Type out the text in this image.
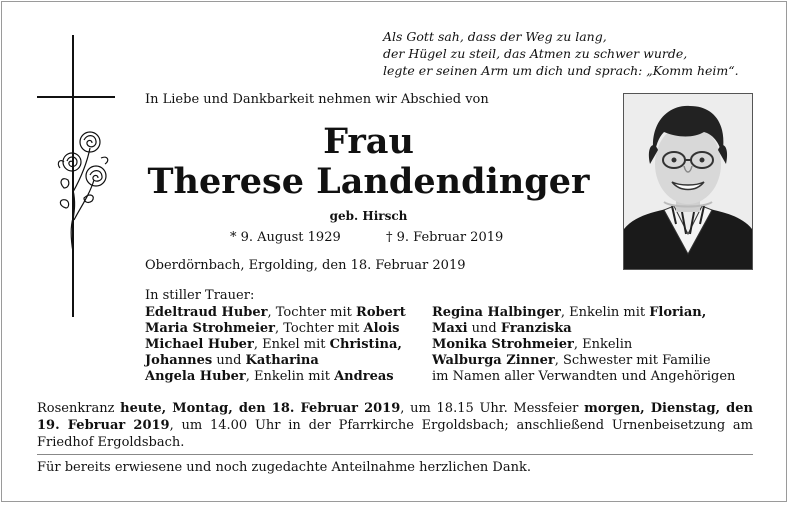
Als Gott sah, dass der Weg zu lang,
der Hügel zu steil, das Atmen zu schwer wurde,
legte er seinen Arm um dich und sprach: „Komm heim“.
In Liebe und Dankbarkeit nehmen wir Abschied von
Frau
Therese Landendinger
geb. Hirsch
* 9. August 1929	† 9. Februar 2019
Oberdörnbach, Ergolding, den 18. Februar 2019
In stiller Trauer:
Edeltraud Huber, Tochter mit Robert
Maria Strohmeier, Tochter mit Alois
Michael Huber, Enkel mit Christina,
Johannes und Katharina
Angela Huber, Enkelin mit Andreas
Regina Halbinger, Enkelin mit Florian,
Maxi und Franziska
Monika Strohmeier, Enkelin
Walburga Zinner, Schwester mit Familie
im Namen aller Verwandten und Angehörigen
Rosenkranz heute, Montag, den 18. Februar 2019, um 18.15 Uhr. Messfeier morgen, Dienstag, den 19. Februar 2019, um 14.00 Uhr in der Pfarrkirche Ergoldsbach; anschließend Urnenbeisetzung am Friedhof Ergoldsbach.
Für bereits erwiesene und noch zugedachte Anteilnahme herzlichen Dank.
